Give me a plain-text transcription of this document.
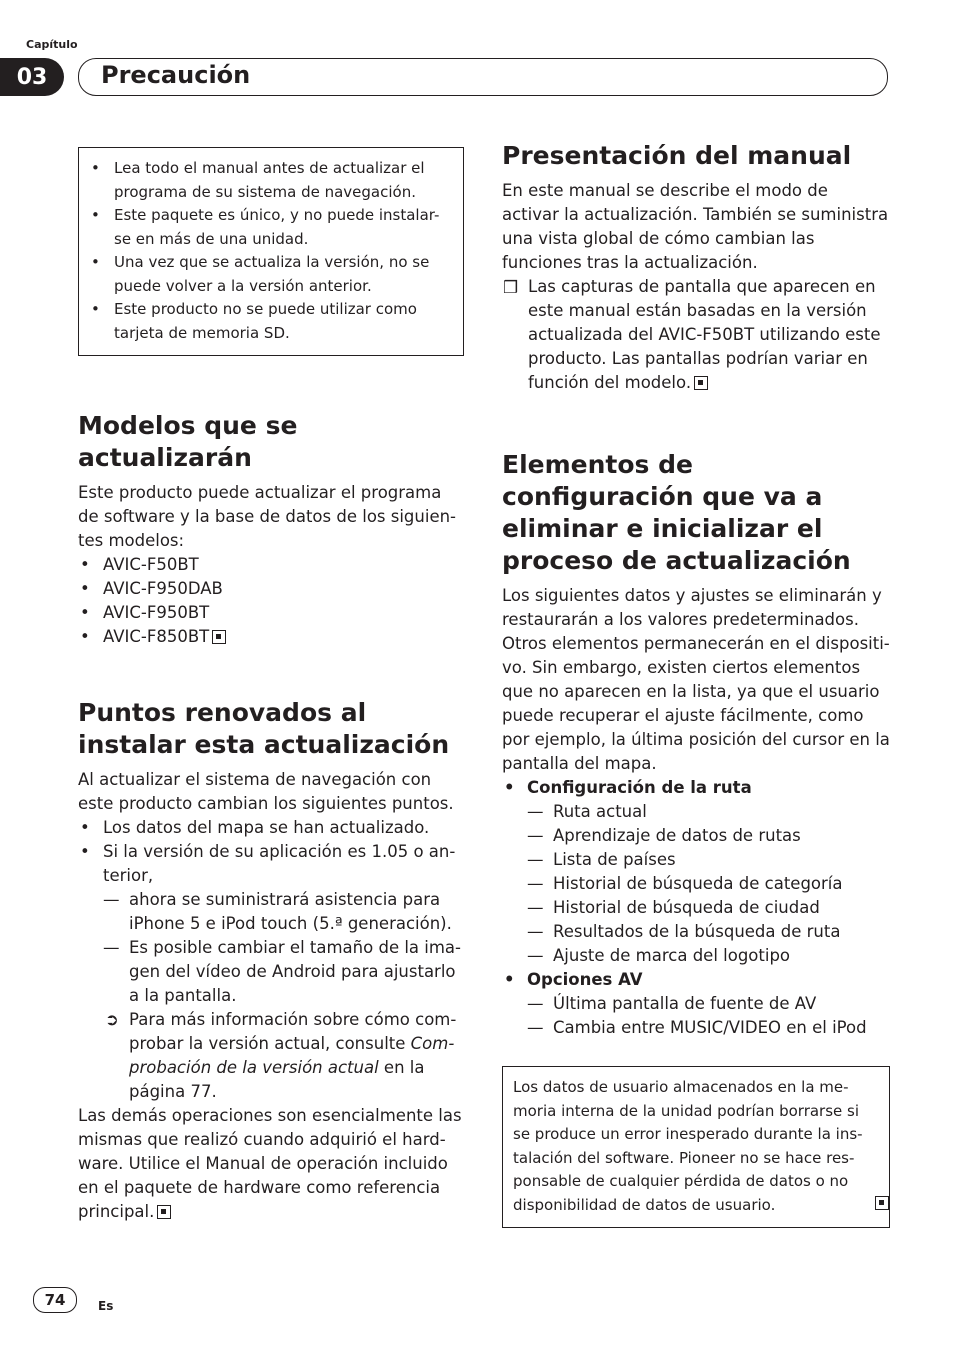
Capítulo
03	Precaución
• Lea todo el manual antes de actualizar el programa de su sistema de navegación.
• Este paquete es único, y no puede instalar-se en más de una unidad.
• Una vez que se actualiza la versión, no se puede volver a la versión anterior.
• Este producto no se puede utilizar como tarjeta de memoria SD.
Modelos que se actualizarán

Este producto puede actualizar el programa de software y la base de datos de los siguien-tes modelos:

• AVIC-F50BT
• AVIC-F950DAB
• AVIC-F950BT
• AVIC-F850BT
Puntos renovados al instalar esta actualización

Al actualizar el sistema de navegación con este producto cambian los siguientes puntos.

• Los datos del mapa se han actualizado.
• Si la versión de su aplicación es 1.05 o an-terior,
— ahora se suministrará asistencia para iPhone 5 e iPod touch (5.ª generación).
— Es posible cambiar el tamaño de la ima-gen del vídeo de Android para ajustarlo a la pantalla.
➲ Para más información sobre cómo com-probar la versión actual, consulte Com-probación de la versión actual en la página 77.

Las demás operaciones son esencialmente las mismas que realizó cuando adquirió el hard-ware. Utilice el Manual de operación incluido en el paquete de hardware como referencia principal.

Presentación del manual

En este manual se describe el modo de activar la actualización. También se suministra una vista global de cómo cambian las funciones tras la actualización.

❒ Las capturas de pantalla que aparecen en este manual están basadas en la versión actualizada del AVIC-F50BT utilizando este producto. Las pantallas podrían variar en función del modelo.
Elementos de configuración que va a eliminar e inicializar el proceso de actualización

Los siguientes datos y ajustes se eliminarán y restaurarán a los valores predeterminados. Otros elementos permanecerán en el dispositi-vo. Sin embargo, existen ciertos elementos que no aparecen en la lista, ya que el usuario puede recuperar el ajuste fácilmente, como por ejemplo, la última posición del cursor en la pantalla del mapa.

• Configuración de la ruta
— Ruta actual
— Aprendizaje de datos de rutas
— Lista de países
— Historial de búsqueda de categoría
— Historial de búsqueda de ciudad
— Resultados de la búsqueda de ruta
— Ajuste de marca del logotipo
• Opciones AV
— Última pantalla de fuente de AV
— Cambia entre MUSIC/VIDEO en el iPod
Los datos de usuario almacenados en la me-moria interna de la unidad podrían borrarse si se produce un error inesperado durante la ins-talación del software. Pioneer no se hace res-ponsable de cualquier pérdida de datos o no disponibilidad de datos de usuario.
74	Es
